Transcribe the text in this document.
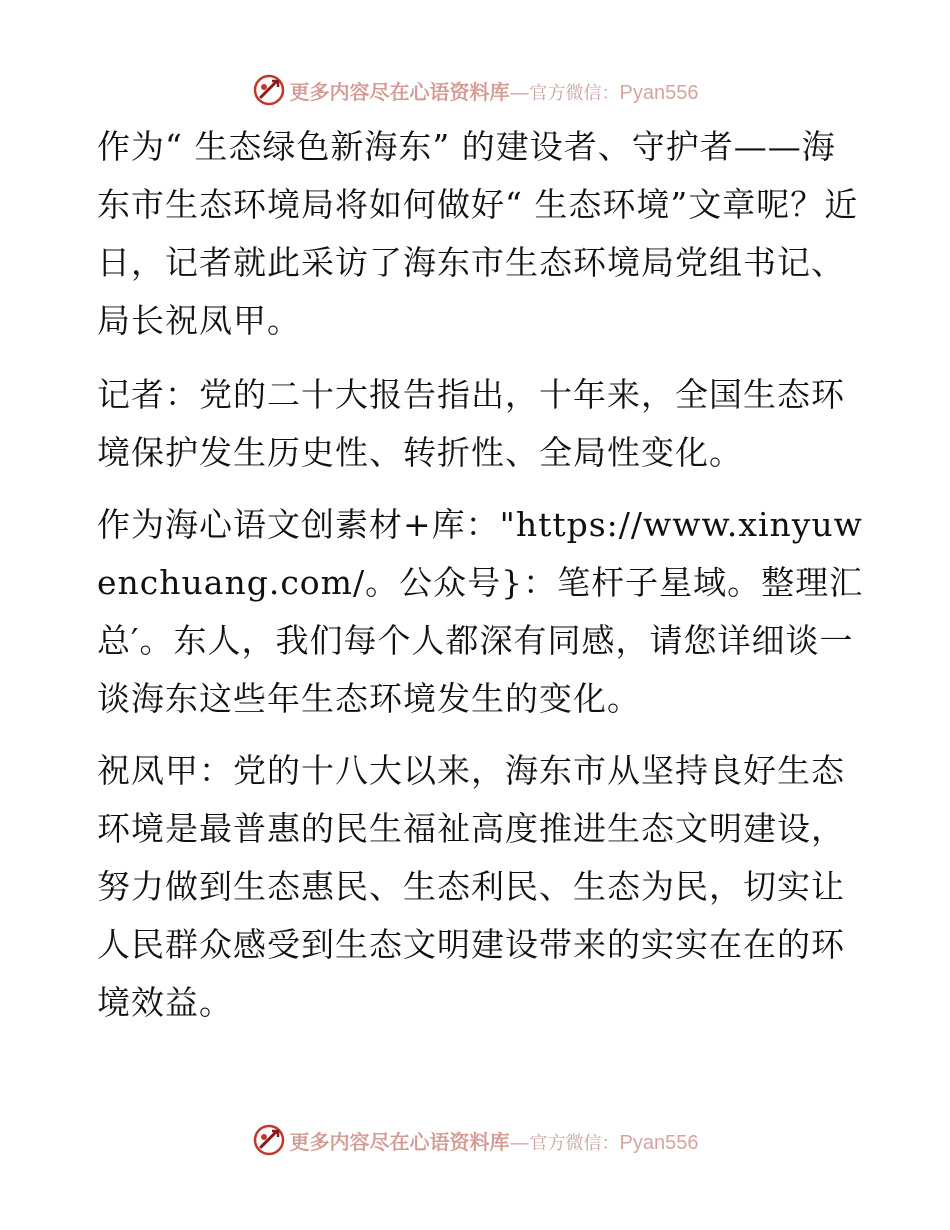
更多内容尽在心语资料库—官方微信：Pyan556

作为“ 生态绿色新海东” 的建设者、守护者——海东市生态环境局将如何做好“ 生态环境”文章呢？近日，记者就此采访了海东市生态环境局党组书记、局长祝凤甲。

记者：党的二十大报告指出，十年来，全国生态环境保护发生历史性、转折性、全局性变化。

作为海心语文创素材+库："https://www.xinyuwenchuang.com/。公众号}：笔杆子星域。整理汇总′。东人，我们每个人都深有同感，请您详细谈一谈海东这些年生态环境发生的变化。

祝凤甲：党的十八大以来，海东市从坚持良好生态环境是最普惠的民生福祉高度推进生态文明建设，努力做到生态惠民、生态利民、生态为民，切实让人民群众感受到生态文明建设带来的实实在在的环境效益。

更多内容尽在心语资料库—官方微信：Pyan556
